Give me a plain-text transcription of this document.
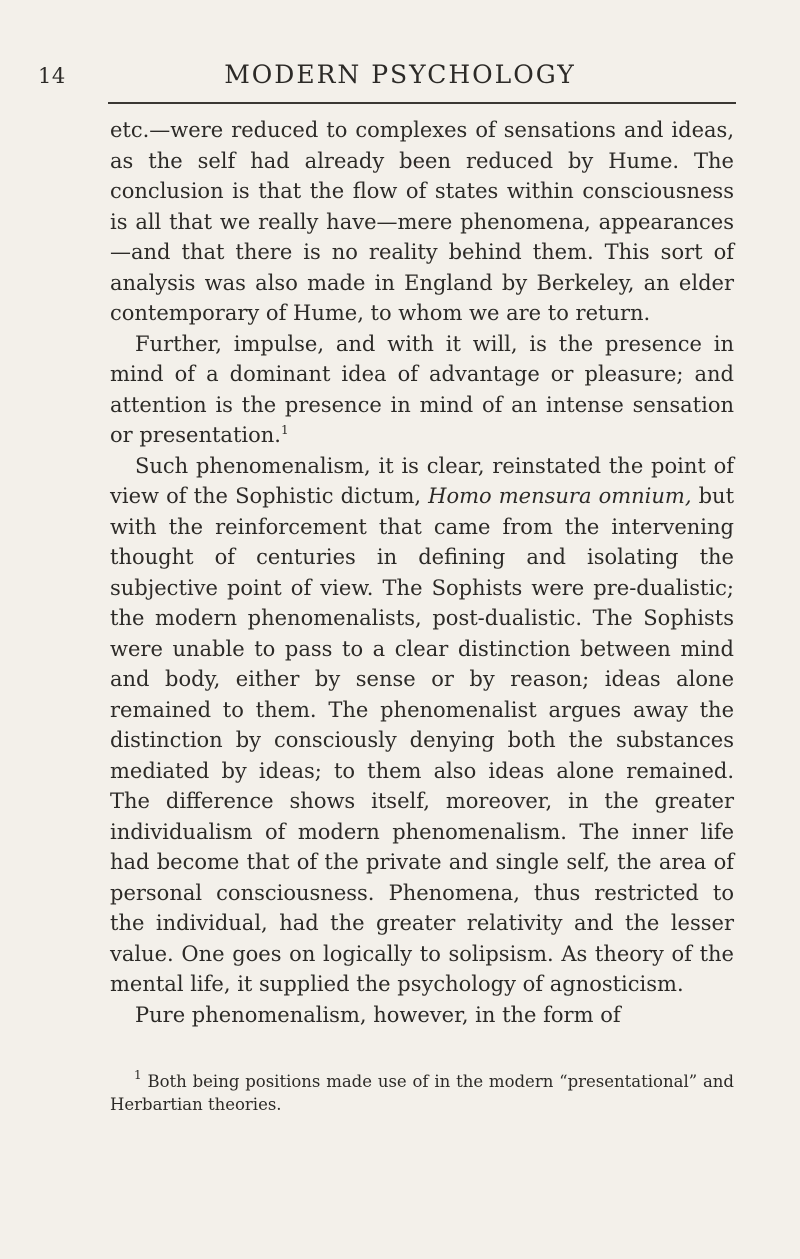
14	MODERN PSYCHOLOGY

etc.—were reduced to complexes of sensations and ideas, as the self had already been reduced by Hume. The conclusion is that the flow of states within consciousness is all that we really have—mere phenomena, appearances—and that there is no reality behind them. This sort of analysis was also made in England by Berkeley, an elder contemporary of Hume, to whom we are to return.

Further, impulse, and with it will, is the presence in mind of a dominant idea of advantage or pleasure; and attention is the presence in mind of an intense sensation or presentation.$^1$

Such phenomenalism, it is clear, reinstated the point of view of the Sophistic dictum, Homo mensura omnium, but with the reinforcement that came from the intervening thought of centuries in defining and isolating the subjective point of view. The Sophists were pre-dualistic; the modern phenomenalists, post-dualistic. The Sophists were unable to pass to a clear distinction between mind and body, either by sense or by reason; ideas alone remained to them. The phenomenalist argues away the distinction by consciously denying both the substances mediated by ideas; to them also ideas alone remained. The difference shows itself, moreover, in the greater individualism of modern phenomenalism. The inner life had become that of the private and single self, the area of personal consciousness. Phenomena, thus restricted to the individual, had the greater relativity and the lesser value. One goes on logically to solipsism. As theory of the mental life, it supplied the psychology of agnosticism.

Pure phenomenalism, however, in the form of

$^1$ Both being positions made use of in the modern “presentational” and Herbartian theories.
